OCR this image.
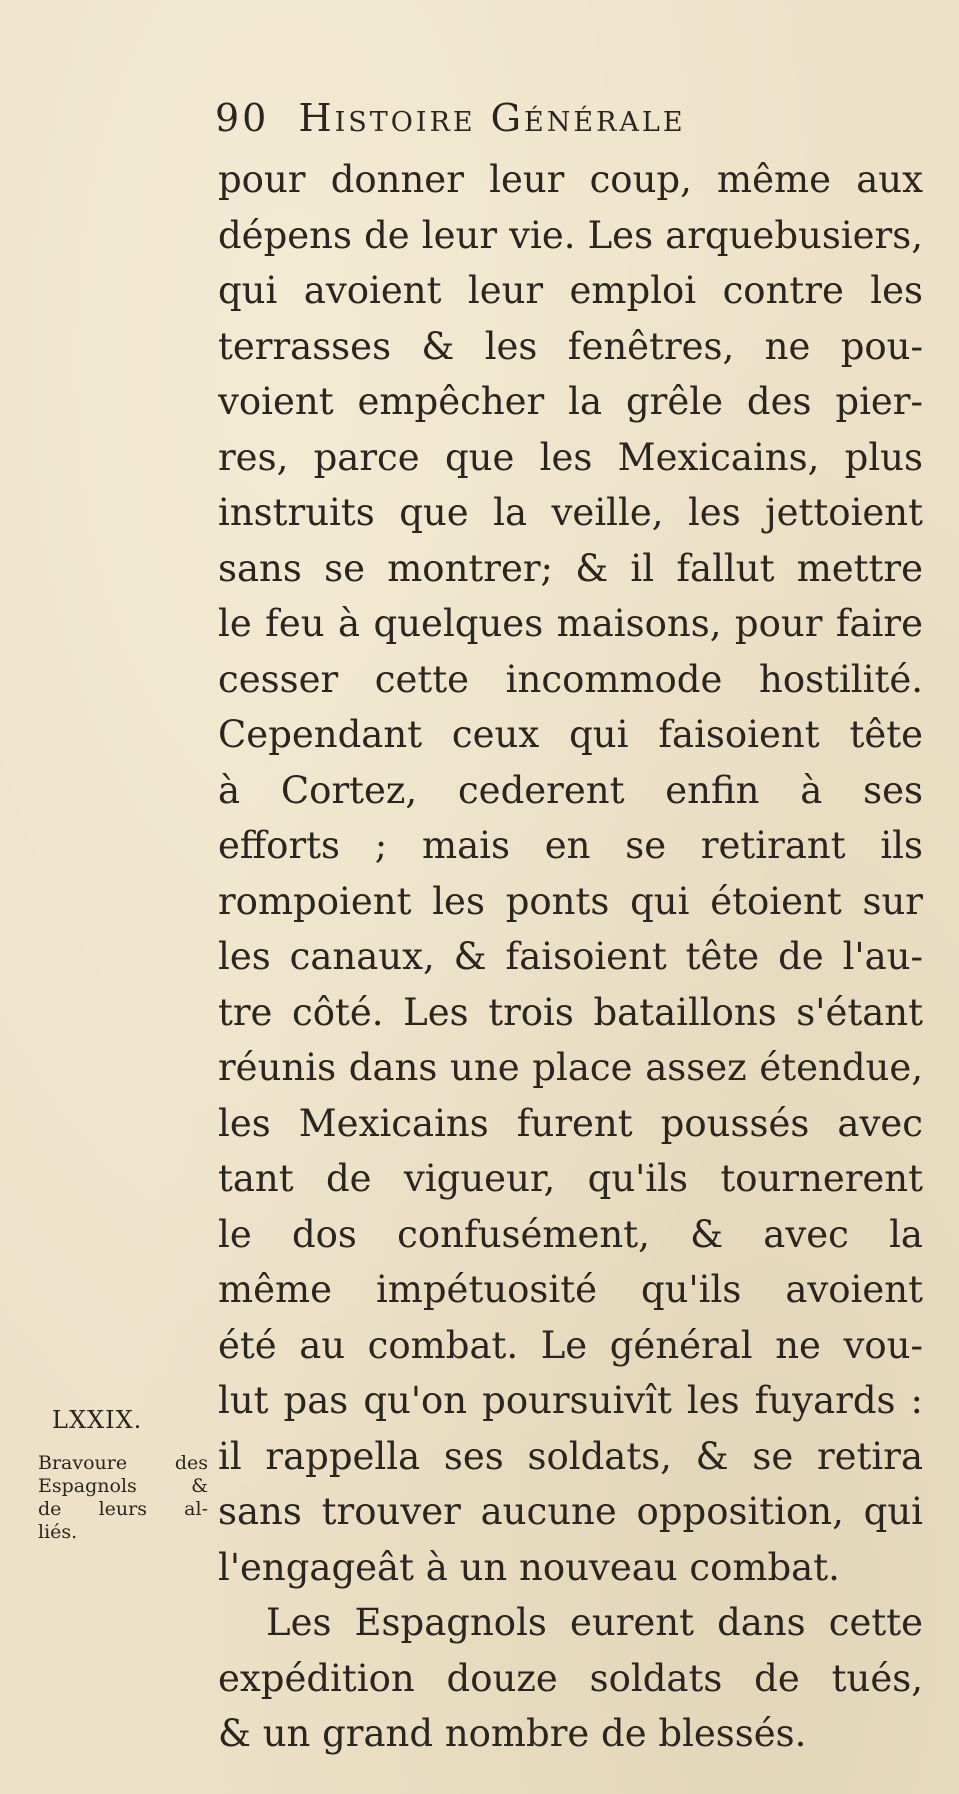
90 Histoire Générale
pour donner leur coup, même aux
dépens de leur vie. Les arquebusiers,
qui avoient leur emploi contre les
terrasses & les fenêtres, ne pou-
voient empêcher la grêle des pier-
res, parce que les Mexicains, plus
instruits que la veille, les jettoient
sans se montrer; & il fallut mettre
le feu à quelques maisons, pour faire
cesser cette incommode hostilité.
Cependant ceux qui faisoient tête
à Cortez, cederent enfin à ses
efforts ; mais en se retirant ils
rompoient les ponts qui étoient sur
les canaux, & faisoient tête de l'au-
tre côté. Les trois bataillons s'étant
réunis dans une place assez étendue,
les Mexicains furent poussés avec
tant de vigueur, qu'ils tournerent
le dos confusément, & avec la
même impétuosité qu'ils avoient
été au combat. Le général ne vou-
lut pas qu'on poursuivît les fuyards :
il rappella ses soldats, & se retira
sans trouver aucune opposition, qui
l'engageât à un nouveau combat.
Les Espagnols eurent dans cette
expédition douze soldats de tués,
& un grand nombre de blessés.
LXXIX.
Bravoure des
Espagnols &
de leurs al-
liés.
